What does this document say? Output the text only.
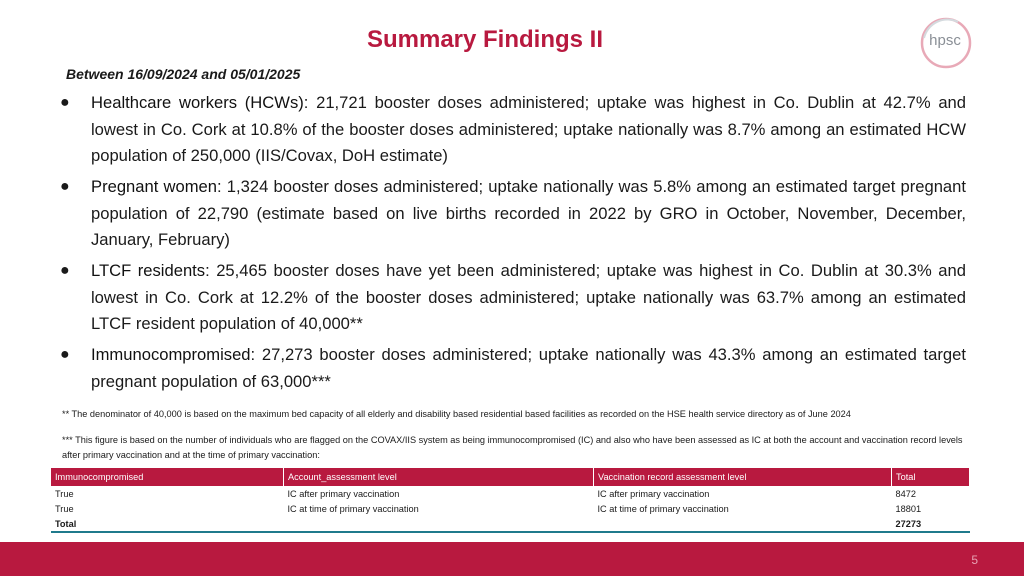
Summary Findings II	hpsc
Between 16/09/2024 and 05/01/2025
● Healthcare workers (HCWs): 21,721 booster doses administered; uptake was highest in Co. Dublin at 42.7% and lowest in Co. Cork at 10.8% of the booster doses administered; uptake nationally was 8.7% among an estimated HCW population of 250,000 (IIS/Covax, DoH estimate)
● Pregnant women: 1,324 booster doses administered; uptake nationally was 5.8% among an estimated target pregnant population of 22,790 (estimate based on live births recorded in 2022 by GRO in October, November, December, January, February)
● LTCF residents: 25,465 booster doses have yet been administered; uptake was highest in Co. Dublin at 30.3% and lowest in Co. Cork at 12.2% of the booster doses administered; uptake nationally was 63.7% among an estimated LTCF resident population of 40,000**
● Immunocompromised: 27,273 booster doses administered; uptake nationally was 43.3% among an estimated target pregnant population of 63,000***
** The denominator of 40,000 is based on the maximum bed capacity of all elderly and disability based residential based facilities as recorded on the HSE health service directory as of June 2024
*** This figure is based on the number of individuals who are flagged on the COVAX/IIS system as being immunocompromised (IC) and also who have been assessed as IC at both the account and vaccination record levels after primary vaccination and at the time of primary vaccination:
Immunocompromised	Account_assessment level	Vaccination record assessment level	Total
True	IC after primary vaccination	IC after primary vaccination	8472
True	IC at time of primary vaccination	IC at time of primary vaccination	18801
Total			27273
5
